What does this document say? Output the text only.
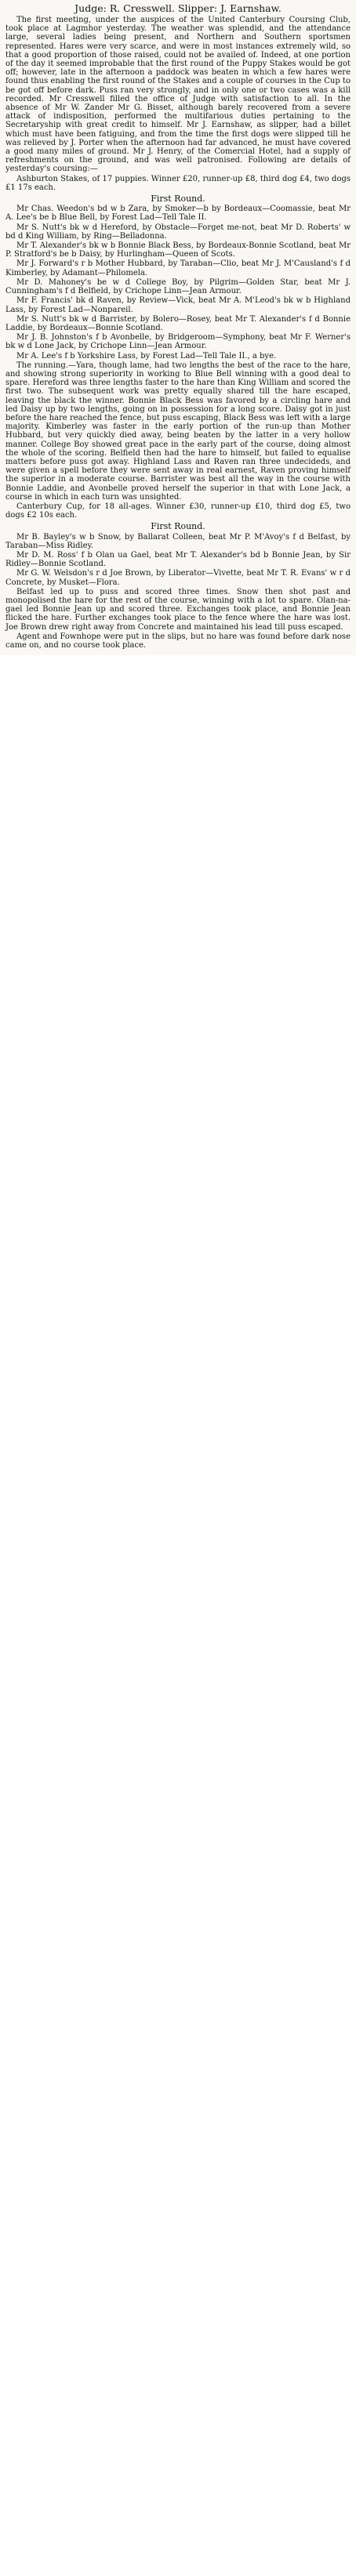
Judge: R. Cresswell. Slipper: J. Earnshaw.

The first meeting, under the auspices of the United Canterbury Coursing Club, took place at Lagmhor yesterday. The weather was splendid, and the attendance large, several ladies being present, and Northern and Southern sportsmen represented. Hares were very scarce, and were in most instances extremely wild, so that a good proportion of those raised, could not be availed of. Indeed, at one portion of the day it seemed improbable that the first round of the Puppy Stakes would be got off; however, late in the afternoon a paddock was beaten in which a few hares were found thus enabling the first round of the Stakes and a couple of courses in the Cup to be got off before dark. Puss ran very strongly, and in only one or two cases was a kill recorded. Mr Cresswell filled the office of Judge with satisfaction to all. In the absence of Mr W. Zander Mr G. Bisset, although barely recovered from a severe attack of indisposition, performed the multifarious duties pertaining to the Secretaryship with great credit to himself. Mr J. Earnshaw, as slipper, had a billet which must have been fatiguing, and from the time the first dogs were slipped till he was relieved by J. Porter when the afternoon had far advanced, he must have covered a good many miles of ground. Mr J. Henry, of the Comercial Hotel, had a supply of refreshments on the ground, and was well patronised. Following are details of yesterday's coursing:—

Ashburton Stakes, of 17 puppies. Winner £20, runner-up £8, third dog £4, two dogs £1 17s each.

First Round.

Mr Chas. Weedon's bd w b Zara, by Smoker—b by Bordeaux—Coomassie, beat Mr A. Lee's be b Blue Bell, by Forest Lad—Tell Tale II.

Mr S. Nutt's bk w d Hereford, by Obstacle—Forget me-not, beat Mr D. Roberts' w bd d King William, by Ring—Belladonna.

Mr T. Alexander's bk w b Bonnie Black Bess, by Bordeaux-Bonnie Scotland, beat Mr P. Stratford's be b Daisy, by Hurlingham—Queen of Scots.

Mr J. Forward's r b Mother Hubbard, by Taraban—Clio, beat Mr J. M'Causland's f d Kimberley, by Adamant—Philomela.

Mr D. Mahoney's be w d College Boy, by Pilgrim—Golden Star, beat Mr J. Cunningham's f d Belfield, by Crichope Linn—Jean Armour.

Mr F. Francis' bk d Raven, by Review—Vick, beat Mr A. M'Leod's bk w b Highland Lass, by Forest Lad—Nonpareil.

Mr S. Nutt's bk w d Barrister, by Bolero—Rosey, beat Mr T. Alexander's f d Bonnie Laddie, by Bordeaux—Bonnie Scotland.

Mr J. B. Johnston's f b Avonbelle, by Bridgeroom—Symphony, beat Mr F. Werner's bk w d Lone Jack, by Crichope Linn—Jean Armour.

Mr A. Lee's f b Yorkshire Lass, by Forest Lad—Tell Tale II., a bye.

The running.—Yara, though lame, had two lengths the best of the race to the hare, and showing strong superiority in working to Blue Bell winning with a good deal to spare. Hereford was three lengths faster to the hare than King William and scored the first two. The subsequent work was pretty equally shared till the hare escaped, leaving the black the winner. Bonnie Black Bess was favored by a circling hare and led Daisy up by two lengths, going on in possession for a long score. Daisy got in just before the hare reached the fence, but puss escaping, Black Bess was left with a large majority. Kimberley was faster in the early portion of the run-up than Mother Hubbard, but very quickly died away, being beaten by the latter in a very hollow manner. College Boy showed great pace in the early part of the course, doing almost the whole of the scoring. Belfield then had the hare to himself, but failed to equalise matters before puss got away. Highland Lass and Raven ran three undecideds, and were given a spell before they were sent away in real earnest, Raven proving himself the superior in a moderate course. Barrister was best all the way in the course with Bonnie Laddie, and Avonbelle proved herself the superior in that with Lone Jack, a course in which in each turn was unsighted.

Canterbury Cup, for 18 all-ages. Winner £30, runner-up £10, third dog £5, two dogs £2 10s each.

First Round.

Mr B. Bayley's w b Snow, by Ballarat Colleen, beat Mr P. M'Avoy's f d Belfast, by Taraban—Miss Ridley.

Mr D. M. Ross' f b Olan ua Gael, beat Mr T. Alexander's bd b Bonnie Jean, by Sir Ridley—Bonnie Scotland.

Mr G. W. Welsdon's r d Joe Brown, by Liberator—Vivette, beat Mr T. R. Evans' w r d Concrete, by Musket—Flora.

Belfast led up to puss and scored three times. Snow then shot past and monopolised the hare for the rest of the course, winning with a lot to spare. Olan-na-gael led Bonnie Jean up and scored three. Exchanges took place, and Bonnie Jean flicked the hare. Further exchanges took place to the fence where the hare was lost. Joe Brown drew right away from Concrete and maintained his lead till puss escaped.

Agent and Fownhope were put in the slips, but no hare was found before dark nose came on, and no course took place.
